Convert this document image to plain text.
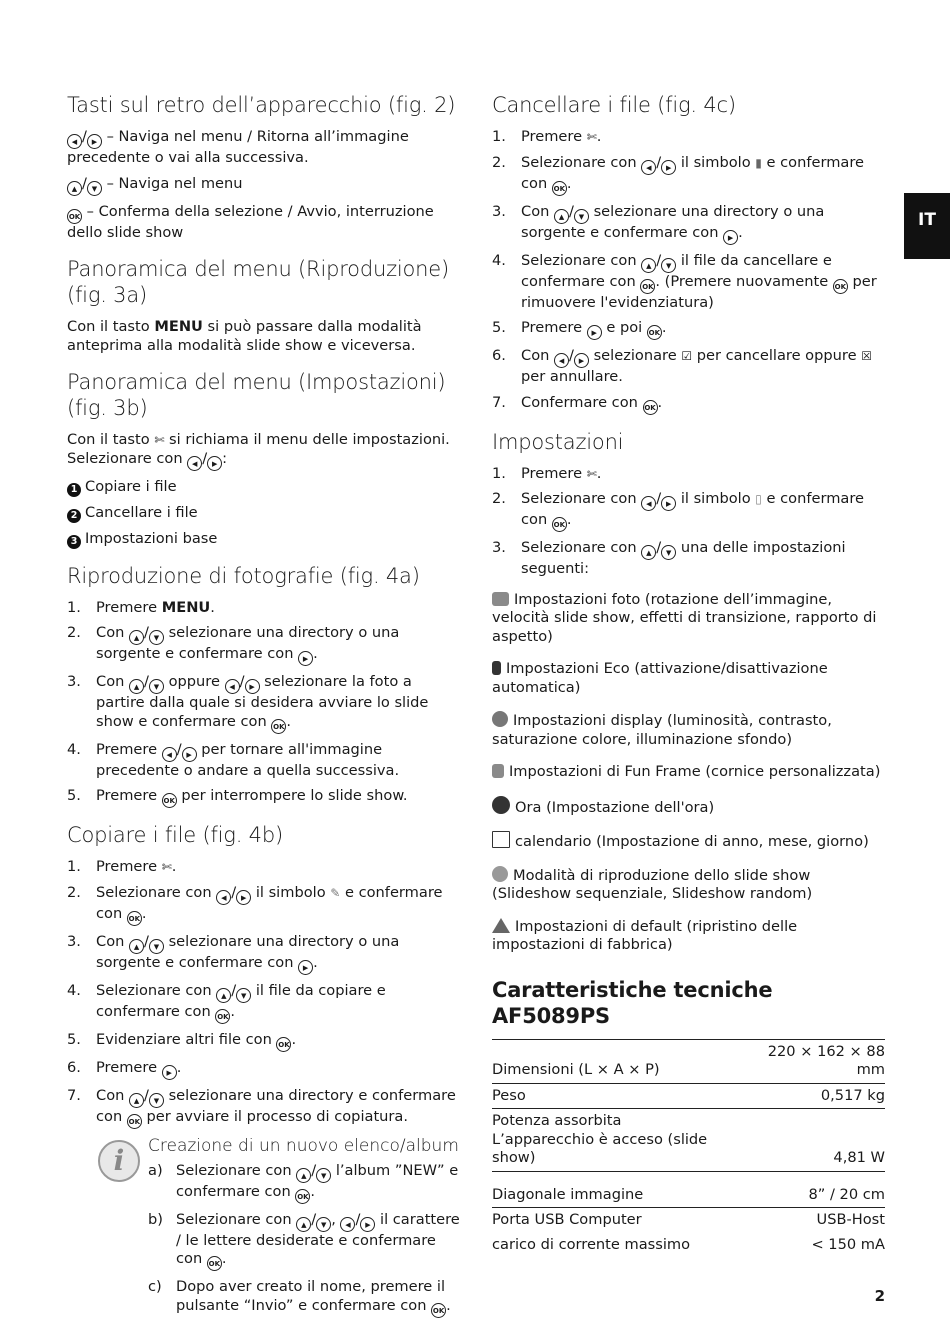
IT
Tasti sul retro dell’apparecchio (fig. 2)

◀ / ▶ – Naviga nel menu / Ritorna all’immagine precedente o vai alla successiva.

▲ / ▼ – Naviga nel menu

OK – Conferma della selezione / Avvio, interruzione dello slide show

Panoramica del menu (Riproduzione) (fig. 3a)

Con il tasto MENU si può passare dalla modalità anteprima alla modalità slide show e viceversa.

Panoramica del menu (Impostazioni) (fig. 3b)

Con il tasto ✄ si richiama il menu delle impostazioni. Selezionare con ◀ / ▶ :

1 Copiare i file

2 Cancellare i file

3 Impostazioni base

Riproduzione di fotografie (fig. 4a)
1. Premere MENU.
2. Con ▲ / ▼ selezionare una directory o una sorgente e confermare con ▶ .
3. Con ▲ / ▼ oppure ◀ / ▶ selezionare la foto a partire dalla quale si desidera avviare lo slide show e confermare con OK .
4. Premere ◀ / ▶ per tornare all'immagine precedente o andare a quella successiva.
5. Premere OK per interrompere lo slide show.
Copiare i file (fig. 4b)
1. Premere ✄.
2. Selezionare con ◀ / ▶ il simbolo ✎ e confermare con OK .
3. Con ▲ / ▼ selezionare una directory o una sorgente e confermare con ▶ .
4. Selezionare con ▲ / ▼ il file da copiare e confermare con OK .
5. Evidenziare altri file con OK .
6. Premere ▶ .
7. Con ▲ / ▼ selezionare una directory e confermare con OK per avviare il processo di copiatura.
i	Creazione di un nuovo elenco/album
a) Selezionare con ▲ / ▼ l’album ”NEW” e confermare con OK .
b) Selezionare con ▲ / ▼ , ◀ / ▶ il carattere / le lettere desiderate e confermare con OK .
c) Dopo aver creato il nome, premere il pulsante “Invio” e confermare con OK .
Cancellare i file (fig. 4c)
1. Premere ✄.
2. Selezionare con ◀ / ▶ il simbolo ▮ e confermare con OK .
3. Con ▲ / ▼ selezionare una directory o una sorgente e confermare con ▶ .
4. Selezionare con ▲ / ▼ il file da cancellare e confermare con OK . (Premere nuovamente OK per rimuovere l'evidenziatura)
5. Premere ▶ e poi OK .
6. Con ◀ / ▶ selezionare ☑ per cancellare oppure ☒ per annullare.
7. Confermare con OK .
Impostazioni
1. Premere ✄.
2. Selezionare con ◀ / ▶ il simbolo ▯ e confermare con OK .
3. Selezionare con ▲ / ▼ una delle impostazioni seguenti:

Impostazioni foto (rotazione dell’immagine, velocità slide show, effetti di transizione, rapporto di aspetto)

Impostazioni Eco (attivazione/disattivazione automatica)

Impostazioni display (luminosità, contrasto, saturazione colore, illuminazione sfondo)

Impostazioni di Fun Frame (cornice personalizzata)

Ora (Impostazione dell'ora)

calendario (Impostazione di anno, mese, giorno)

Modalità di riproduzione dello slide show (Slideshow sequenziale, Slideshow random)

Impostazioni di default (ripristino delle impostazioni di fabbrica)

Caratteristiche tecniche AF5089PS
Dimensioni (L × A × P)	220 × 162 × 88 mm
Peso	0,517 kg
Potenza assorbita	
L’apparecchio è acceso (slide show)	4,81 W
Diagonale immagine	8” / 20 cm
Porta USB Computer	USB-Host
carico di corrente massimo	< 150 mA
2
